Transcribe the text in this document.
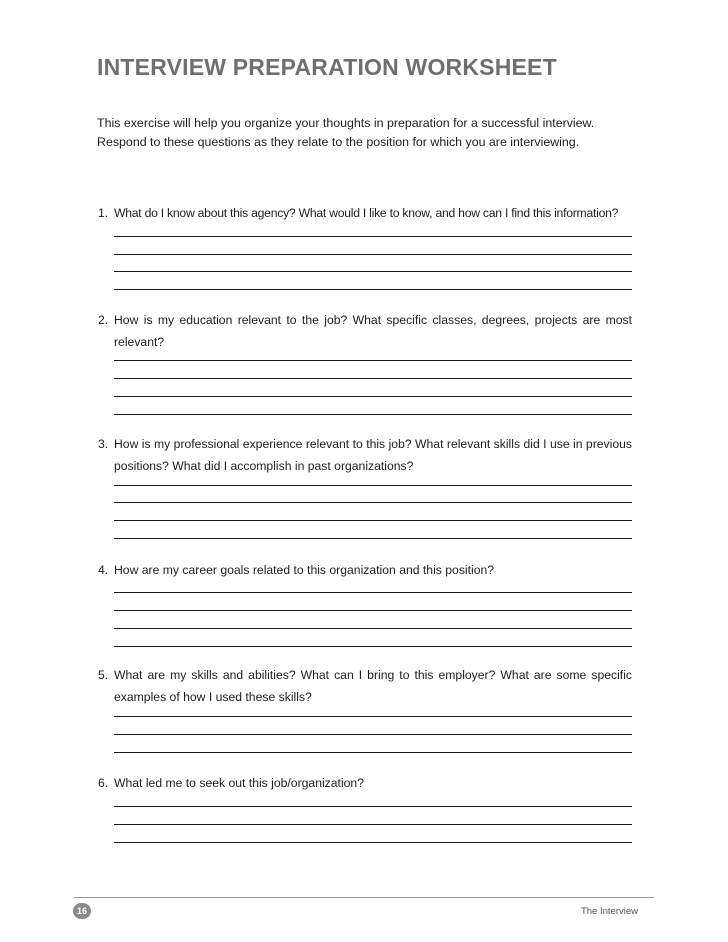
INTERVIEW PREPARATION WORKSHEET

This exercise will help you organize your thoughts in preparation for a successful interview.

Respond to these questions as they relate to the position for which you are interviewing.

1. What do I know about this agency? What would I like to know, and how can I find this information?
2. How is my education relevant to the job? What specific classes, degrees, projects are most relevant?
3. How is my professional experience relevant to this job? What relevant skills did I use in previous positions? What did I accomplish in past organizations?
4. How are my career goals related to this organization and this position?
5. What are my skills and abilities? What can I bring to this employer? What are some specific examples of how I used these skills?
6. What led me to seek out this job/organization?
16	The Interview
